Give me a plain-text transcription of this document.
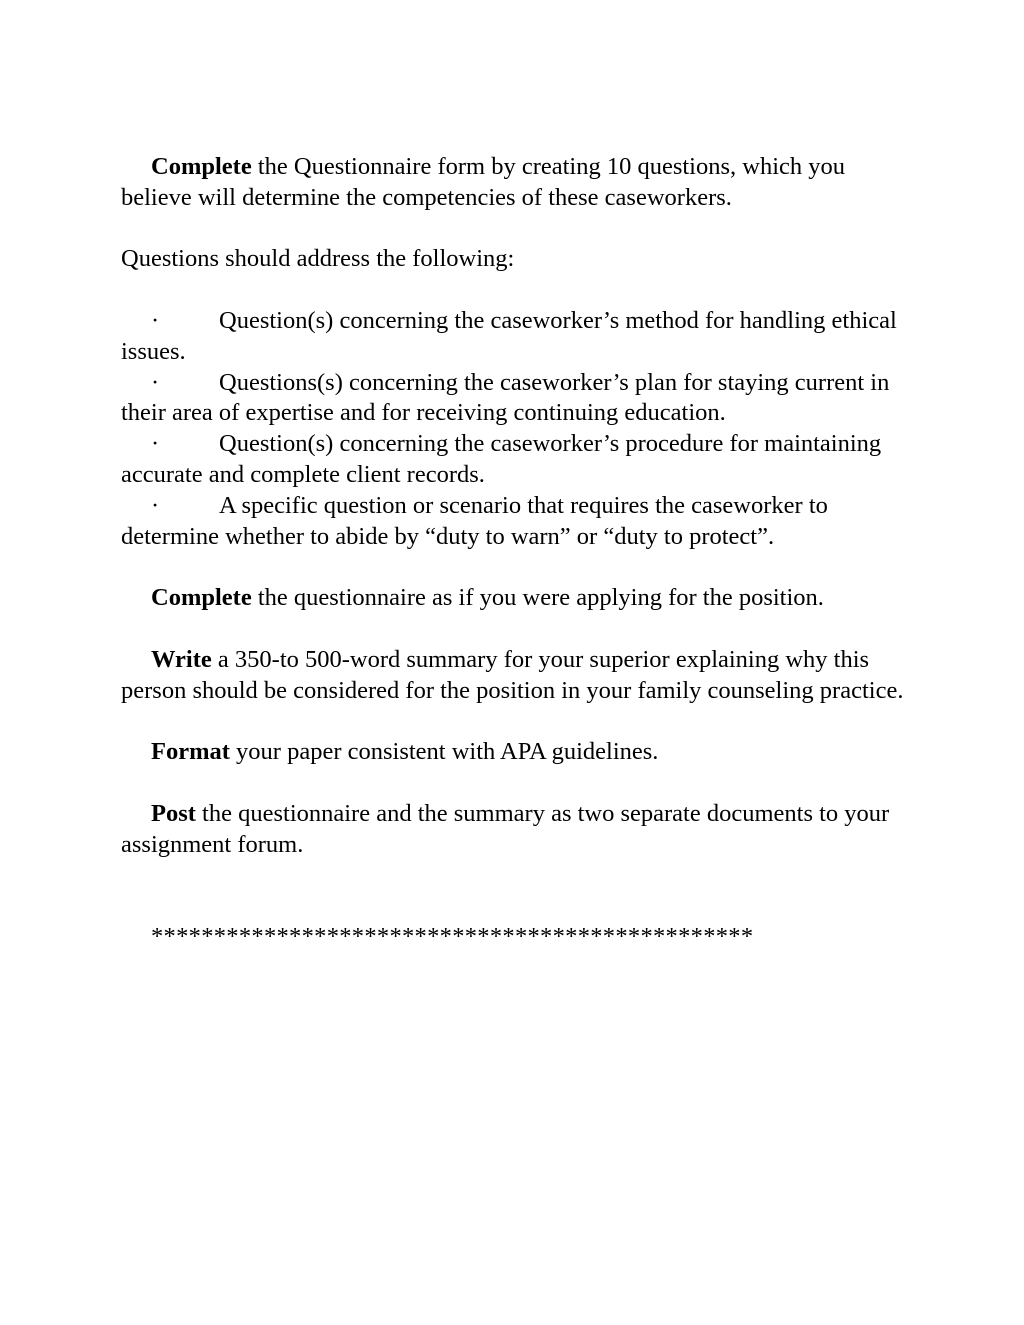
Complete the Questionnaire form by creating 10 questions, which you believe will determine the competencies of these caseworkers.

Questions should address the following:

· Question(s) concerning the caseworker’s method for handling ethical issues.

· Questions(s) concerning the caseworker’s plan for staying current in their area of expertise and for receiving continuing education.

· Question(s) concerning the caseworker’s procedure for maintaining accurate and complete client records.

· A specific question or scenario that requires the caseworker to determine whether to abide by “duty to warn” or “duty to protect”.

Complete the questionnaire as if you were applying for the position.

Write a 350-to 500-word summary for your superior explaining why this person should be considered for the position in your family counseling practice.

Format your paper consistent with APA guidelines.

Post the questionnaire and the summary as two separate documents to your assignment forum.

************************************************
